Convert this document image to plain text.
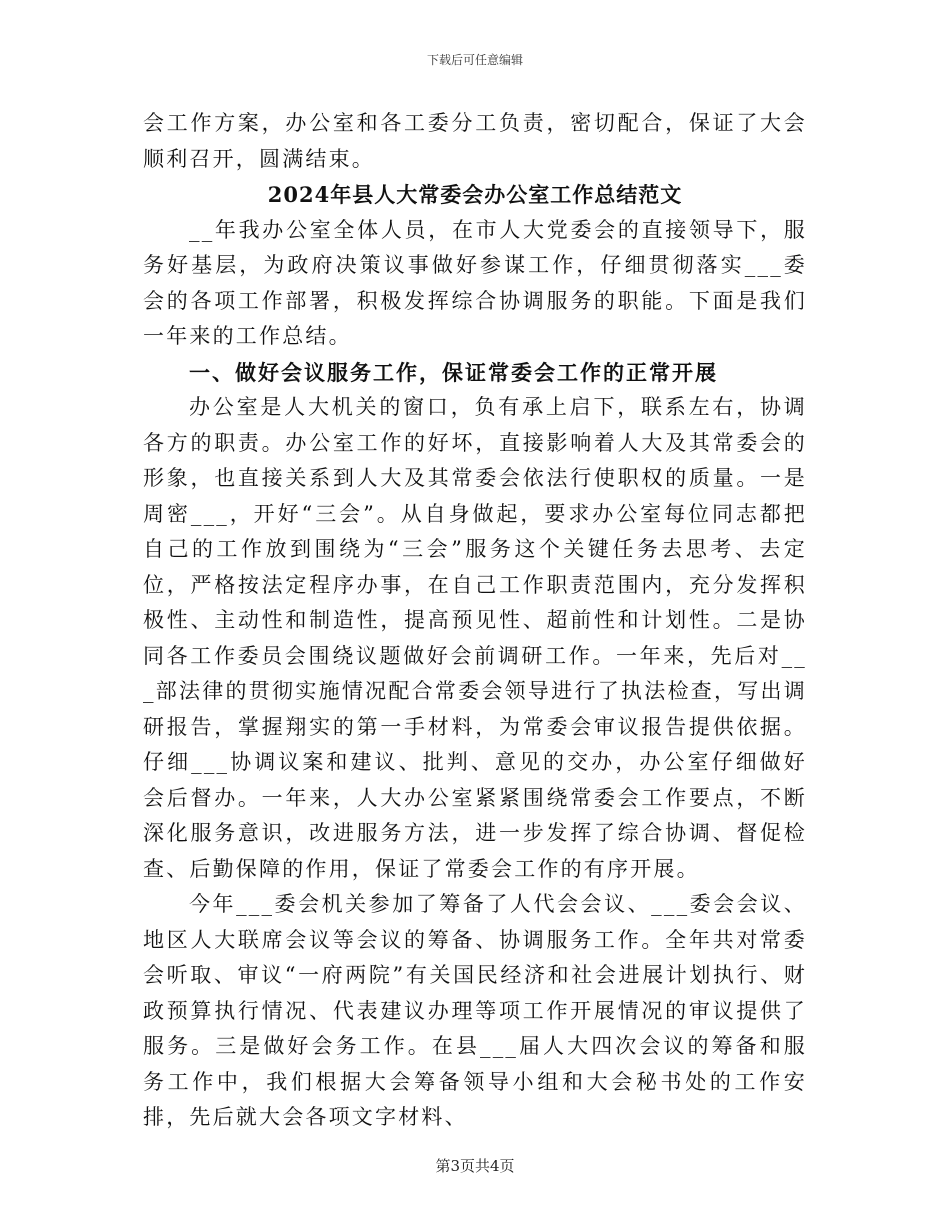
下载后可任意编辑

会工作方案，办公室和各工委分工负责，密切配合，保证了大会顺利召开，圆满结束。

2024年县人大常委会办公室工作总结范文

__年我办公室全体人员，在市人大党委会的直接领导下，服务好基层，为政府决策议事做好参谋工作，仔细贯彻落实___委会的各项工作部署，积极发挥综合协调服务的职能。下面是我们一年来的工作总结。

一、做好会议服务工作，保证常委会工作的正常开展

办公室是人大机关的窗口，负有承上启下，联系左右，协调各方的职责。办公室工作的好坏，直接影响着人大及其常委会的形象，也直接关系到人大及其常委会依法行使职权的质量。一是周密___，开好“三会”。从自身做起，要求办公室每位同志都把自己的工作放到围绕为“三会”服务这个关键任务去思考、去定位，严格按法定程序办事，在自己工作职责范围内，充分发挥积极性、主动性和制造性，提高预见性、超前性和计划性。二是协同各工作委员会围绕议题做好会前调研工作。一年来，先后对___部法律的贯彻实施情况配合常委会领导进行了执法检查，写出调研报告，掌握翔实的第一手材料，为常委会审议报告提供依据。仔细___协调议案和建议、批判、意见的交办，办公室仔细做好会后督办。一年来，人大办公室紧紧围绕常委会工作要点，不断深化服务意识，改进服务方法，进一步发挥了综合协调、督促检查、后勤保障的作用，保证了常委会工作的有序开展。

今年___委会机关参加了筹备了人代会会议、___委会会议、地区人大联席会议等会议的筹备、协调服务工作。全年共对常委会听取、审议“一府两院”有关国民经济和社会进展计划执行、财政预算执行情况、代表建议办理等项工作开展情况的审议提供了服务。三是做好会务工作。在县___届人大四次会议的筹备和服务工作中，我们根据大会筹备领导小组和大会秘书处的工作安排，先后就大会各项文字材料、

第3页共4页
